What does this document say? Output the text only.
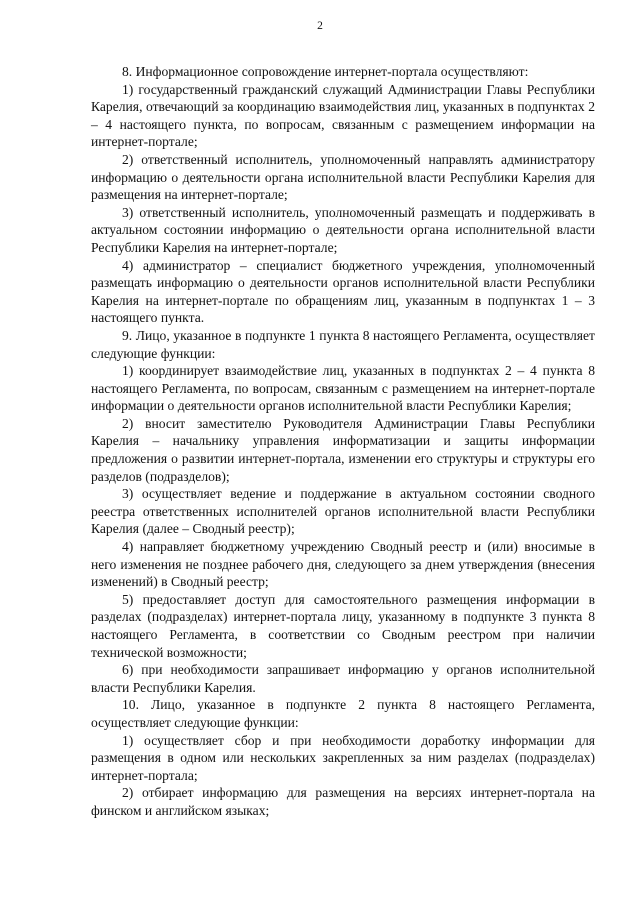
2

8. Информационное сопровождение интернет-портала осуществляют:

1) государственный гражданский служащий Администрации Главы Республики Карелия, отвечающий за координацию взаимодействия лиц, указанных в подпунктах 2 – 4 настоящего пункта, по вопросам, связанным с размещением информации на интернет-портале;

2) ответственный исполнитель, уполномоченный направлять администратору информацию о деятельности органа исполнительной власти Республики Карелия для размещения на интернет-портале;

3) ответственный исполнитель, уполномоченный размещать и поддерживать в актуальном состоянии информацию о деятельности органа исполнительной власти Республики Карелия на интернет-портале;

4) администратор – специалист бюджетного учреждения, уполномоченный размещать информацию о деятельности органов исполнительной власти Республики Карелия на интернет-портале по обращениям лиц, указанным в подпунктах 1 – 3 настоящего пункта.

9. Лицо, указанное в подпункте 1 пункта 8 настоящего Регламента, осуществляет следующие функции:

1) координирует взаимодействие лиц, указанных в подпунктах 2 – 4 пункта 8 настоящего Регламента, по вопросам, связанным с размещением на интернет-портале информации о деятельности органов исполнительной власти Республики Карелия;

2) вносит заместителю Руководителя Администрации Главы Республики Карелия – начальнику управления информатизации и защиты информации предложения о развитии интернет-портала, изменении его структуры и структуры его разделов (подразделов);

3) осуществляет ведение и поддержание в актуальном состоянии сводного реестра ответственных исполнителей органов исполнительной власти Республики Карелия (далее – Сводный реестр);

4) направляет бюджетному учреждению Сводный реестр и (или) вносимые в него изменения не позднее рабочего дня, следующего за днем утверждения (внесения изменений) в Сводный реестр;

5) предоставляет доступ для самостоятельного размещения информации в разделах (подразделах) интернет-портала лицу, указанному в подпункте 3 пункта 8 настоящего Регламента, в соответствии со Сводным реестром при наличии технической возможности;

6) при необходимости запрашивает информацию у органов исполнительной власти Республики Карелия.

10. Лицо, указанное в подпункте 2 пункта 8 настоящего Регламента, осуществляет следующие функции:

1) осуществляет сбор и при необходимости доработку информации для размещения в одном или нескольких закрепленных за ним разделах (подразделах) интернет-портала;

2) отбирает информацию для размещения на версиях интернет-портала на финском и английском языках;
